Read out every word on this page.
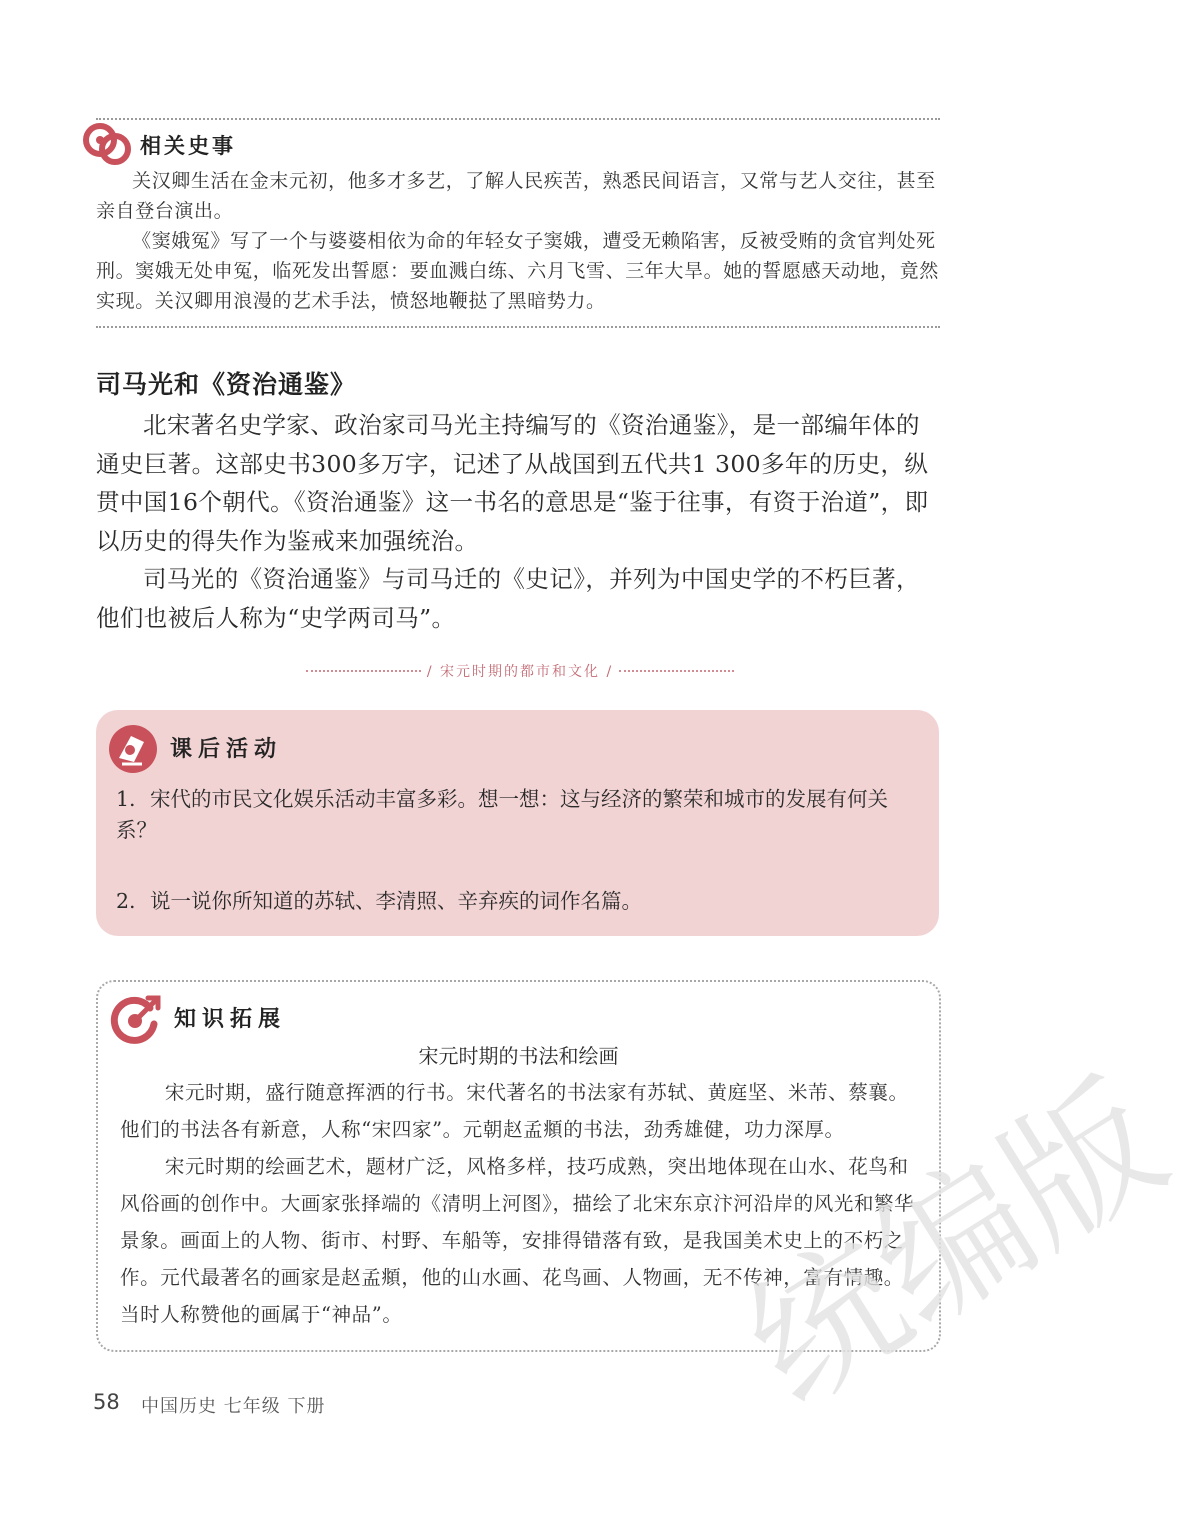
相关史事

关汉卿生活在金末元初，他多才多艺，了解人民疾苦，熟悉民间语言，又常与艺人交往，甚至亲自登台演出。

《窦娥冤》写了一个与婆婆相依为命的年轻女子窦娥，遭受无赖陷害，反被受贿的贪官判处死刑。窦娥无处申冤，临死发出誓愿：要血溅白练、六月飞雪、三年大旱。她的誓愿感天动地，竟然实现。关汉卿用浪漫的艺术手法，愤怒地鞭挞了黑暗势力。

司马光和《资治通鉴》

北宋著名史学家、政治家司马光主持编写的《资治通鉴》，是一部编年体的通史巨著。这部史书300多万字，记述了从战国到五代共1 300多年的历史，纵贯中国16个朝代。《资治通鉴》这一书名的意思是“鉴于往事，有资于治道”，即以历史的得失作为鉴戒来加强统治。

司马光的《资治通鉴》与司马迁的《史记》，并列为中国史学的不朽巨著，他们也被后人称为“史学两司马”。

/ 宋元时期的都市和文化 /
课后活动
1. 宋代的市民文化娱乐活动丰富多彩。想一想：这与经济的繁荣和城市的发展有何关系？
2. 说一说你所知道的苏轼、李清照、辛弃疾的词作名篇。
知识拓展
宋元时期的书法和绘画

宋元时期，盛行随意挥洒的行书。宋代著名的书法家有苏轼、黄庭坚、米芾、蔡襄。他们的书法各有新意，人称“宋四家”。元朝赵孟頫的书法，劲秀雄健，功力深厚。

宋元时期的绘画艺术，题材广泛，风格多样，技巧成熟，突出地体现在山水、花鸟和风俗画的创作中。大画家张择端的《清明上河图》，描绘了北宋东京汴河沿岸的风光和繁华景象。画面上的人物、街市、村野、车船等，安排得错落有致，是我国美术史上的不朽之作。元代最著名的画家是赵孟頫，他的山水画、花鸟画、人物画，无不传神，富有情趣。当时人称赞他的画属于“神品”。

58 中国历史 七年级 下册	统编版
